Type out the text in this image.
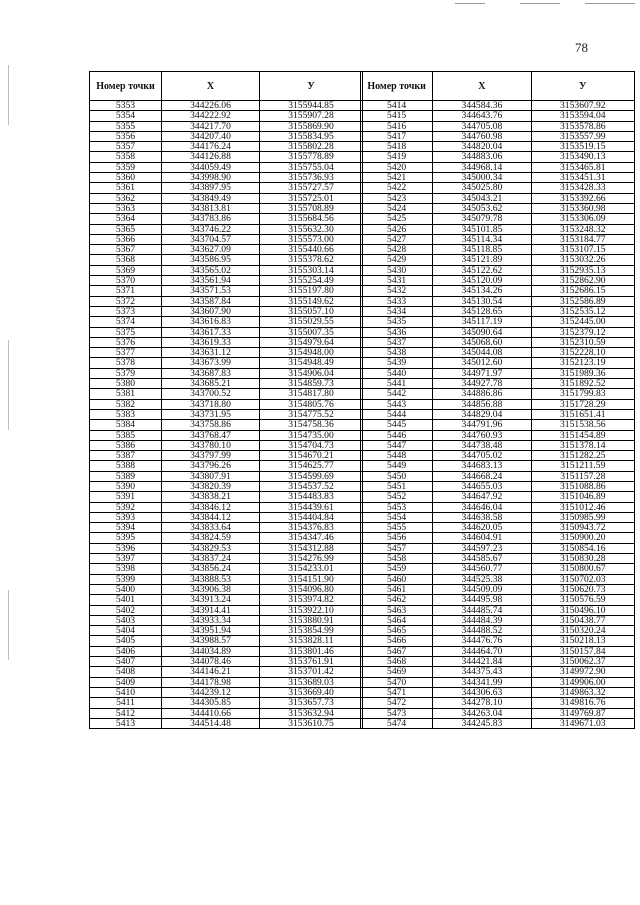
78
Номер точки	Х	У
5353	344226.06	3155944.85
5354	344222.92	3155907.28
5355	344217.70	3155869.90
5356	344207.40	3155834.95
5357	344176.24	3155802.28
5358	344126.88	3155778.89
5359	344059.49	3155755.04
5360	343998.90	3155736.93
5361	343897.95	3155727.57
5362	343849.49	3155725.01
5363	343813.81	3155708.89
5364	343783.86	3155684.56
5365	343746.22	3155632.30
5366	343704.57	3155573.00
5367	343627.09	3155440.66
5368	343586.95	3155378.62
5369	343565.02	3155303.14
5370	343561.94	3155254.49
5371	343571.53	3155197.80
5372	343587.84	3155149.62
5373	343607.90	3155057.10
5374	343616.83	3155029.55
5375	343617.33	3155007.35
5376	343619.33	3154979.64
5377	343631.12	3154948.00
5378	343673.99	3154948.49
5379	343687.83	3154906.04
5380	343685.21	3154859.73
5381	343700.52	3154817.80
5382	343718.80	3154805.76
5383	343731.95	3154775.52
5384	343758.86	3154758.36
5385	343768.47	3154735.00
5386	343780.10	3154704.73
5387	343797.99	3154670.21
5388	343796.26	3154625.77
5389	343807.91	3154599.69
5390	343820.39	3154537.52
5391	343838.21	3154483.83
5392	343846.12	3154439.61
5393	343844.12	3154404.84
5394	343833.64	3154376.83
5395	343824.59	3154347.46
5396	343829.53	3154312.88
5397	343837.24	3154276.99
5398	343856.24	3154233.01
5399	343888.53	3154151.90
5400	343906.38	3154096.80
5401	343913.24	3153974.82
5402	343914.41	3153922.10
5403	343933.34	3153880.91
5404	343951.94	3153854.99
5405	343988.57	3153828.11
5406	344034.89	3153801.46
5407	344078.46	3153761.91
5408	344146.21	3153701.42
5409	344178.98	3153689.03
5410	344239.12	3153669.40
5411	344305.85	3153657.73
5412	344410.66	3153632.94
5413	344514.48	3153610.75
Номер точки	Х	У
5414	344584.36	3153607.92
5415	344643.76	3153594.04
5416	344705.08	3153578.86
5417	344760.98	3153557.99
5418	344820.04	3153519.15
5419	344883.06	3153490.13
5420	344968.14	3153465.81
5421	345000.34	3153451.31
5422	345025.80	3153428.33
5423	345043.21	3153392.66
5424	345053.62	3153360.98
5425	345079.78	3153306.09
5426	345101.85	3153248.32
5427	345114.34	3153184.77
5428	345118.85	3153107.15
5429	345121.89	3153032.26
5430	345122.62	3152935.13
5431	345120.09	3152862.90
5432	345134.26	3152686.15
5433	345130.54	3152586.89
5434	345128.65	3152535.12
5435	345117.19	3152445.00
5436	345090.64	3152379.12
5437	345068.60	3152310.59
5438	345044.08	3152228.10
5439	345012.60	3152123.19
5440	344971.97	3151989.36
5441	344927.78	3151892.52
5442	344886.86	3151799.83
5443	344856.88	3151728.29
5444	344829.04	3151651.41
5445	344791.96	3151538.56
5446	344760.93	3151454.89
5447	344738.48	3151378.14
5448	344705.02	3151282.25
5449	344683.13	3151211.59
5450	344668.24	3151157.28
5451	344655.03	3151088.86
5452	344647.92	3151046.89
5453	344646.04	3151012.46
5454	344638.58	3150985.99
5455	344620.05	3150943.72
5456	344604.91	3150900.20
5457	344597.23	3150854.16
5458	344585.67	3150830.28
5459	344560.77	3150800.67
5460	344525.38	3150702.03
5461	344509.09	3150620.73
5462	344495.98	3150576.59
5463	344485.74	3150496.10
5464	344484.39	3150438.77
5465	344488.52	3150320.24
5466	344476.76	3150218.13
5467	344464.70	3150157.84
5468	344421.84	3150062.37
5469	344375.43	3149972.90
5470	344341.99	3149906.00
5471	344306.63	3149863.32
5472	344278.10	3149816.76
5473	344263.04	3149769.87
5474	344245.83	3149671.03
